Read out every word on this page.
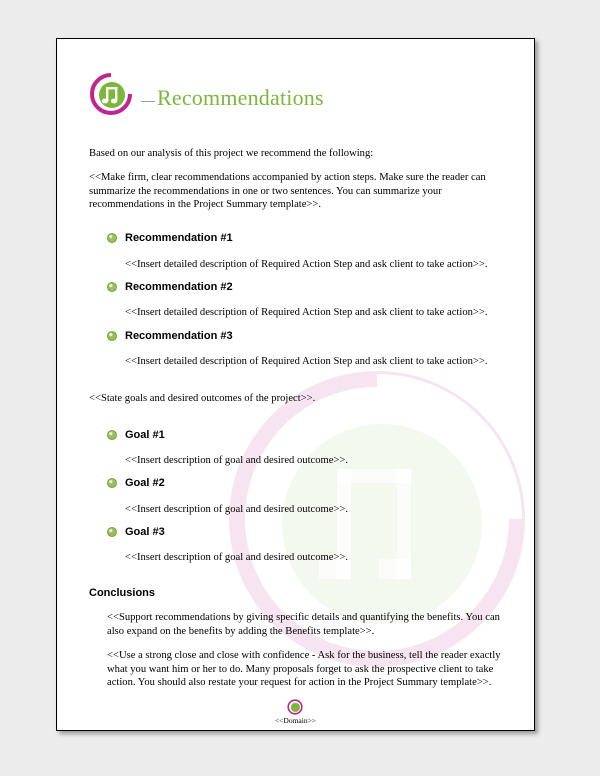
Recommendations

Based on our analysis of this project we recommend the following:

<<Make firm, clear recommendations accompanied by action steps. Make sure the reader can summarize the recommendations in one or two sentences. You can summarize your recommendations in the Project Summary template>>.

Recommendation #1

<<Insert detailed description of Required Action Step and ask client to take action>>.

Recommendation #2

<<Insert detailed description of Required Action Step and ask client to take action>>.

Recommendation #3

<<Insert detailed description of Required Action Step and ask client to take action>>.

<<State goals and desired outcomes of the project>>.

Goal #1

<<Insert description of goal and desired outcome>>.

Goal #2

<<Insert description of goal and desired outcome>>.

Goal #3

<<Insert description of goal and desired outcome>>.

Conclusions

<<Support recommendations by giving specific details and quantifying the benefits. You can also expand on the benefits by adding the Benefits template>>.

<<Use a strong close and close with confidence - Ask for the business, tell the reader exactly what you want him or her to do. Many proposals forget to ask the prospective client to take action. You should also restate your request for action in the Project Summary template>>.

<<Domain>>
